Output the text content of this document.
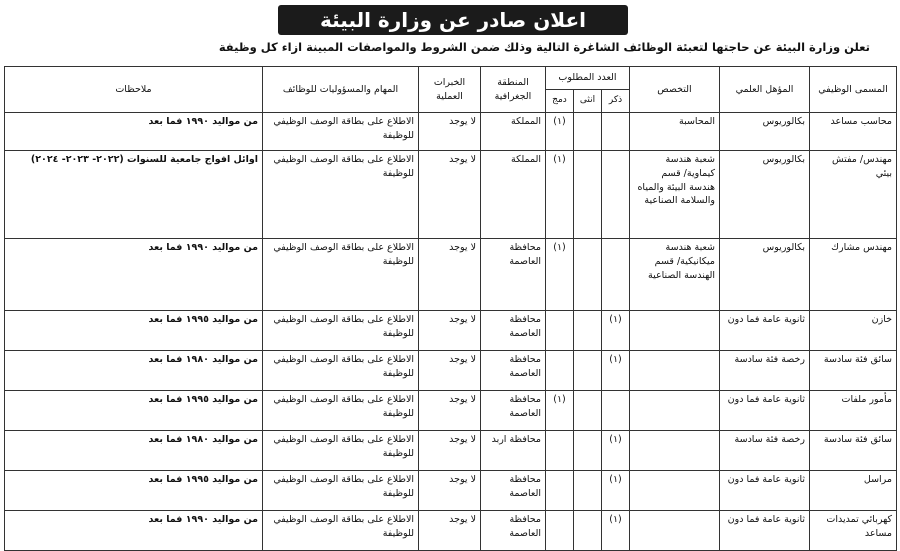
اعلان صادر عن وزارة البيئة
تعلن وزارة البيئة عن حاجتها لتعبئة الوظائف الشاغرة التالية وذلك ضمن الشروط والمواصفات المبينة ازاء كل وظيفة
المسمى الوظيفي	المؤهل العلمي	التخصص	العدد المطلوب			المنطقة الجغرافية	الخبرات العملية	المهام والمسؤوليات للوظائف	ملاحظات
			ذكر	انثى	دمج				
محاسب مساعد	بكالوريوس	المحاسبة			(١)	المملكة	لا يوجد	الاطلاع على بطاقة الوصف الوظيفي للوظيفة	من مواليد ١٩٩٠ فما بعد
مهندس/ مفتش بيئي	بكالوريوس	شعبة هندسة كيماوية/ قسم هندسة البيئة والمياه والسلامة الصناعية			(١)	المملكة	لا يوجد	الاطلاع على بطاقة الوصف الوظيفي للوظيفة	اوائل افواج جامعية للسنوات (٢٠٢٢- ٢٠٢٣- ٢٠٢٤)
مهندس مشارك	بكالوريوس	شعبة هندسة ميكانيكية/ قسم الهندسة الصناعية			(١)	محافظة العاصمة	لا يوجد	الاطلاع على بطاقة الوصف الوظيفي للوظيفة	من مواليد ١٩٩٠ فما بعد
خازن	ثانوية عامة فما دون		(١)			محافظة العاصمة	لا يوجد	الاطلاع على بطاقة الوصف الوظيفي للوظيفة	من مواليد ١٩٩٥ فما بعد
سائق فئة سادسة	رخصة فئة سادسة		(١)			محافظة العاصمة	لا يوجد	الاطلاع على بطاقة الوصف الوظيفي للوظيفة	من مواليد ١٩٨٠ فما بعد
مأمور ملفات	ثانوية عامة فما دون				(١)	محافظة العاصمة	لا يوجد	الاطلاع على بطاقة الوصف الوظيفي للوظيفة	من مواليد ١٩٩٥ فما بعد
سائق فئة سادسة	رخصة فئة سادسة		(١)			محافظة اربد	لا يوجد	الاطلاع على بطاقة الوصف الوظيفي للوظيفة	من مواليد ١٩٨٠ فما بعد
مراسل	ثانوية عامة فما دون		(١)			محافظة العاصمة	لا يوجد	الاطلاع على بطاقة الوصف الوظيفي للوظيفة	من مواليد ١٩٩٥ فما بعد
كهربائي تمديدات مساعد	ثانوية عامة فما دون		(١)			محافظة العاصمة	لا يوجد	الاطلاع على بطاقة الوصف الوظيفي للوظيفة	من مواليد ١٩٩٠ فما بعد
